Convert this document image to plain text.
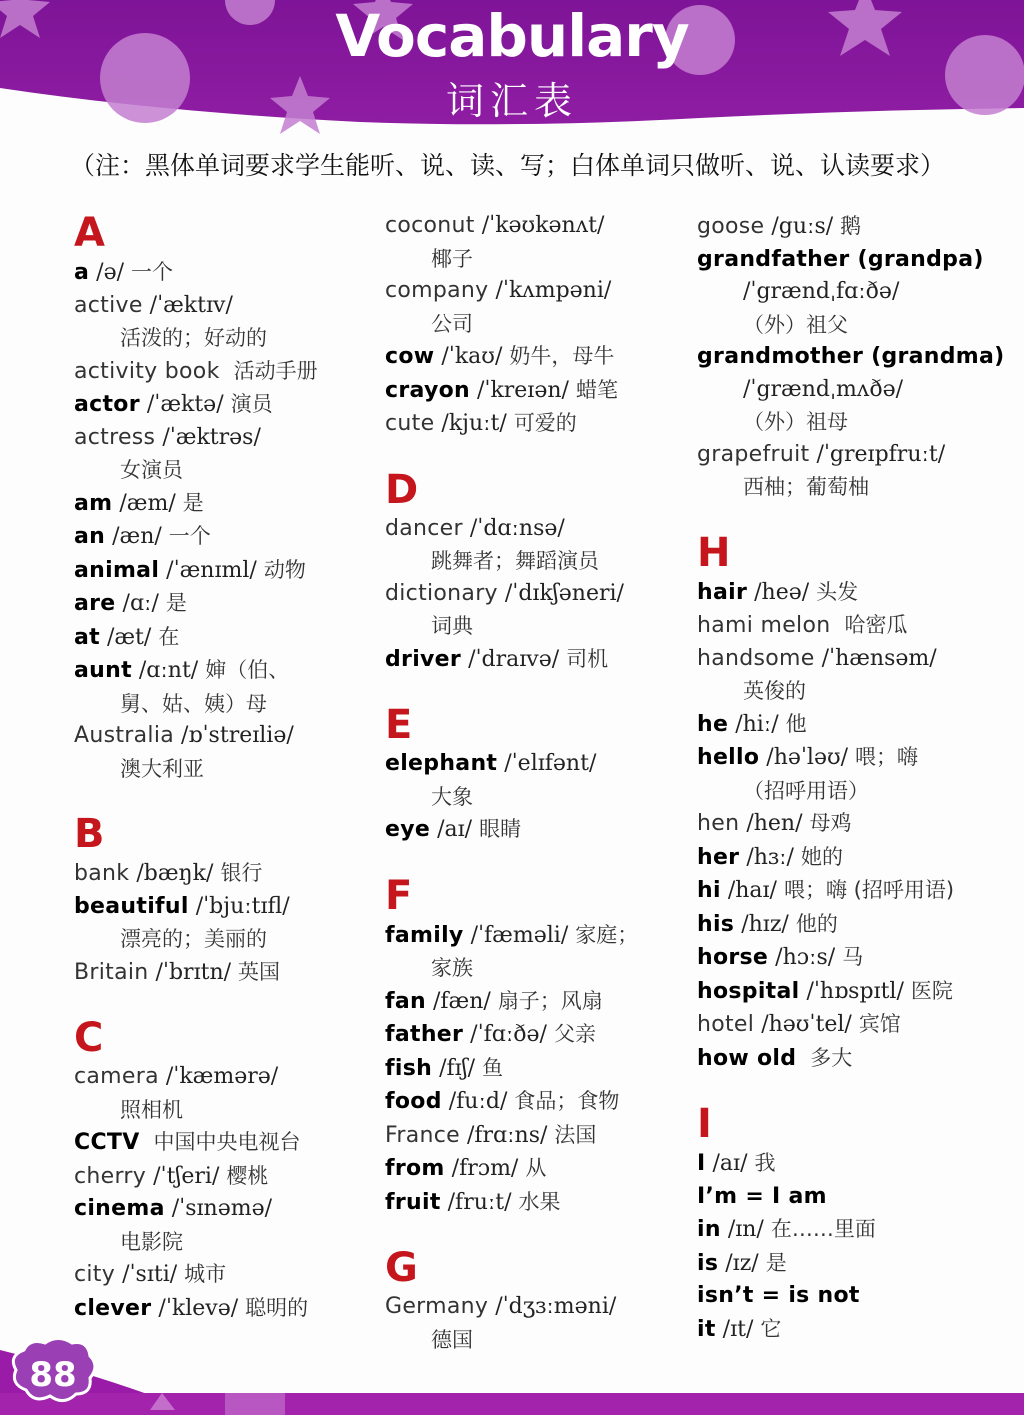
Vocabulary
词汇表
（注：黑体单词要求学生能听、说、读、写；白体单词只做听、说、认读要求）
A
a /ə/ 一个
active /ˈæktɪv/
活泼的；好动的
activity book 活动手册
actor /ˈæktə/ 演员
actress /ˈæktrəs/
女演员
am /æm/ 是
an /æn/ 一个
animal /ˈænɪml/ 动物
are /ɑː/ 是
at /æt/ 在
aunt /ɑːnt/ 婶（伯、
舅、姑、姨）母
Australia /ɒˈstreɪliə/
澳大利亚
B
bank /bæŋk/ 银行
beautiful /ˈbjuːtɪfl/
漂亮的；美丽的
Britain /ˈbrɪtn/ 英国
C
camera /ˈkæmərə/
照相机
CCTV 中国中央电视台
cherry /ˈtʃeri/ 樱桃
cinema /ˈsɪnəmə/
电影院
city /ˈsɪti/ 城市
clever /ˈklevə/ 聪明的
coconut /ˈkəʊkənʌt/
椰子
company /ˈkʌmpəni/
公司
cow /ˈkaʊ/ 奶牛，母牛
crayon /ˈkreɪən/ 蜡笔
cute /kjuːt/ 可爱的
D
dancer /ˈdɑːnsə/
跳舞者；舞蹈演员
dictionary /ˈdɪkʃəneri/
词典
driver /ˈdraɪvə/ 司机
E
elephant /ˈelɪfənt/
大象
eye /aɪ/ 眼睛
F
family /ˈfæməli/ 家庭；
家族
fan /fæn/ 扇子；风扇
father /ˈfɑːðə/ 父亲
fish /fɪʃ/ 鱼
food /fuːd/ 食品；食物
France /frɑːns/ 法国
from /frɔm/ 从
fruit /fruːt/ 水果
G
Germany /ˈdʒɜːməni/
德国
goose /guːs/ 鹅
grandfather (grandpa)
/ˈgrændˌfɑːðə/
（外）祖父
grandmother (grandma)
/ˈgrændˌmʌðə/
（外）祖母
grapefruit /ˈgreɪpfruːt/
西柚；葡萄柚
H
hair /heə/ 头发
hami melon 哈密瓜
handsome /ˈhænsəm/
英俊的
he /hiː/ 他
hello /həˈləʊ/ 喂；嗨
（招呼用语）
hen /hen/ 母鸡
her /hɜː/ 她的
hi /haɪ/ 喂；嗨 (招呼用语)
his /hɪz/ 他的
horse /hɔːs/ 马
hospital /ˈhɒspɪtl/ 医院
hotel /həʊˈtel/ 宾馆
how old 多大
I
I /aɪ/ 我
I’m = I am
in /ɪn/ 在……里面
is /ɪz/ 是
isn’t = is not
it /ɪt/ 它
88
